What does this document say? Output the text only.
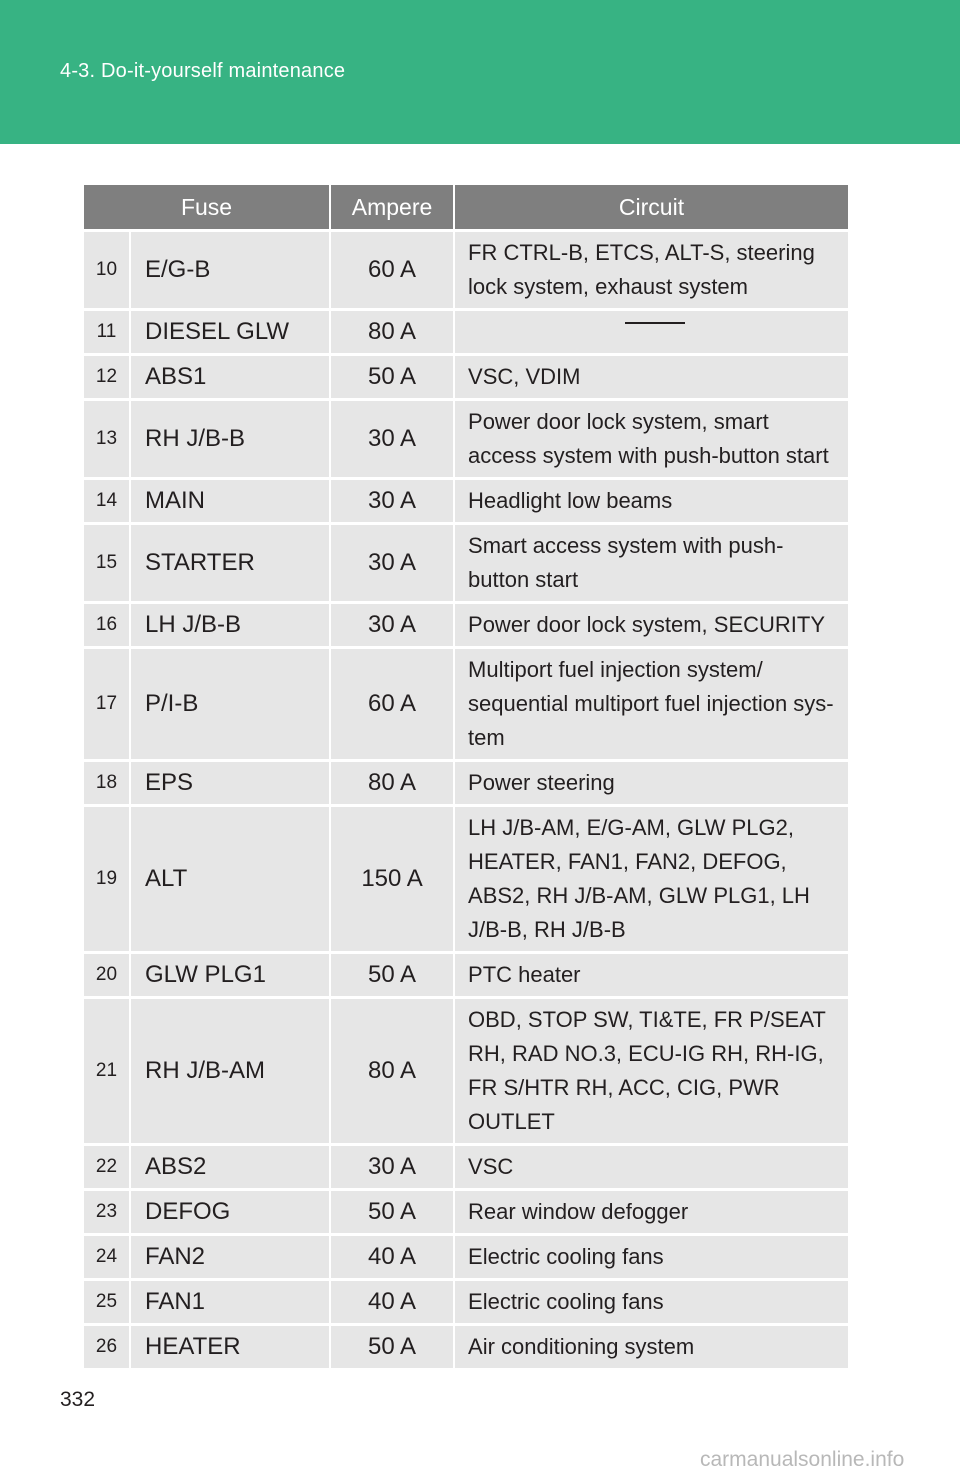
4-3. Do-it-yourself maintenance
Fuse		Ampere	Circuit
10	E/G-B	60 A	FR CTRL-B, ETCS, ALT-S, steering lock system, exhaust system
11	DIESEL GLW	80 A	
12	ABS1	50 A	VSC, VDIM
13	RH J/B-B	30 A	Power door lock system, smart access system with push-button start
14	MAIN	30 A	Headlight low beams
15	STARTER	30 A	Smart access system with push-button start
16	LH J/B-B	30 A	Power door lock system, SECURITY
17	P/I-B	60 A	Multiport fuel injection system/ sequential multiport fuel injection sys- tem
18	EPS	80 A	Power steering
19	ALT	150 A	LH J/B-AM, E/G-AM, GLW PLG2, HEATER, FAN1, FAN2, DEFOG, ABS2, RH J/B-AM, GLW PLG1, LH J/B-B, RH J/B-B
20	GLW PLG1	50 A	PTC heater
21	RH J/B-AM	80 A	OBD, STOP SW, TI&TE, FR P/SEAT RH, RAD NO.3, ECU-IG RH, RH-IG, FR S/HTR RH, ACC, CIG, PWR OUTLET
22	ABS2	30 A	VSC
23	DEFOG	50 A	Rear window defogger
24	FAN2	40 A	Electric cooling fans
25	FAN1	40 A	Electric cooling fans
26	HEATER	50 A	Air conditioning system
332
carmanualsonline.info
